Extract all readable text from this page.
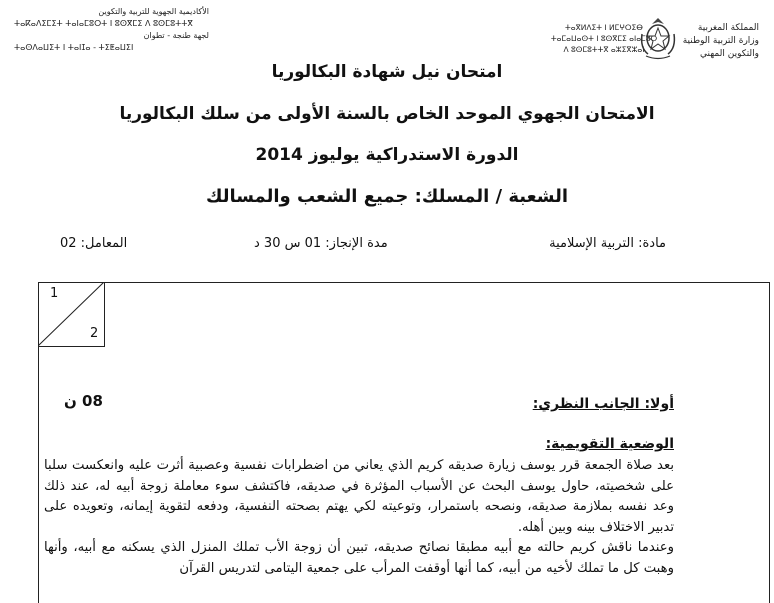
الأكاديمية الجهوية للتربية والتكوين
ⵜⴰⴽⴰⴷⵉⵎⵉⵜ ⵜⴰⵏⴰⵎⵓⵔⵜ ⵏ ⵓⵙⴳⵎⵉ ⴷ ⵓⵙⵎⵓⵜⵜⴳ
لجهة طنجة - تطوان
ⵜⴰⵙⴷⴰⵡⵉⵜ ⵏ ⵜⴰⵏⵊⴰ - ⵜⵉⵟⴰⵡⵉⵏ
ⵜⴰⴳⵍⴷⵉⵜ ⵏ ⵍⵎⵖⵔⵉⴱ
ⵜⴰⵎⴰⵡⴰⵙⵜ ⵏ ⵓⵙⴳⵎⵉ ⴰⵏⴰⵎⵓⵔ
ⴷ ⵓⵙⵎⵓⵜⵜⴳ ⴰⵣⵉⴳⵣⴰⵏ
المملكة المغربية
وزارة التربية الوطنية
والتكوين المهني
امتحان نيل شهادة البكالوريا
الامتحان الجهوي الموحد الخاص بالسنة الأولى من سلك البكالوريا
الدورة الاستدراكية يوليوز 2014
الشعبة / المسلك: جميع الشعب والمسالك
مادة: التربية الإسلامية
مدة الإنجاز: 01 س 30 د
المعامل: 02
1
2
08 ن	أولا: الجانب النظري:
الوضعية التقويمية:
بعد صلاة الجمعة قرر يوسف زيارة صديقه كريم الذي يعاني من اضطرابات نفسية وعصبية أثرت عليه وانعكست سلبا على شخصيته، حاول يوسف البحث عن الأسباب المؤثرة في صديقه، فاكتشف سوء معاملة زوجة أبيه له، عند ذلك وعد نفسه بملازمة صديقه، ونصحه باستمرار، وتوعيته لكي يهتم بصحته النفسية، ودفعه لتقوية إيمانه، وتعويده على تدبير الاختلاف بينه وبين أهله.
وعندما ناقش كريم حالته مع أبيه مطبقا نصائح صديقه، تبين أن زوجة الأب تملك المنزل الذي يسكنه مع أبيه، وأنها وهبت كل ما تملك لأخيه من أبيه، كما أنها أوقفت المرأب على جمعية اليتامى لتدريس القرآن
